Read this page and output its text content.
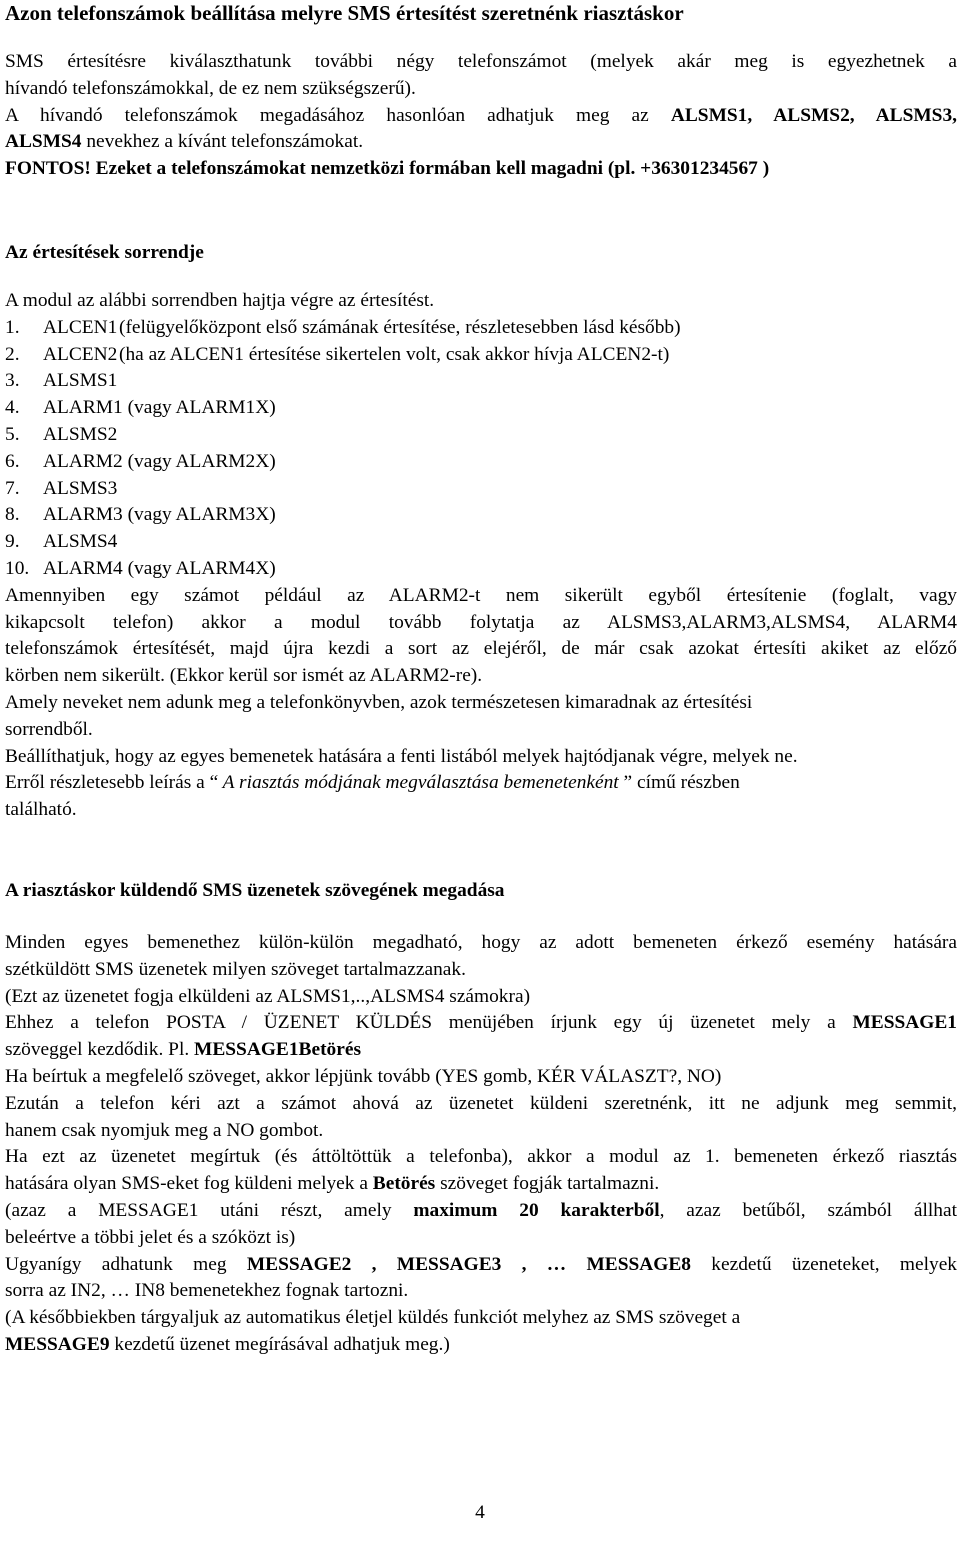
Azon telefonszámok beállítása melyre SMS értesítést szeretnénk riasztáskor

SMS értesítésre kiválaszthatunk további négy telefonszámot (melyek akár meg is egyezhetnek a

hívandó telefonszámokkal, de ez nem szükségszerű).

A hívandó telefonszámok megadásához hasonlóan adhatjuk meg az ALSMS1, ALSMS2, ALSMS3,

ALSMS4 nevekhez a kívánt telefonszámokat.

FONTOS! Ezeket a telefonszámokat nemzetközi formában kell magadni (pl. +36301234567 )

Az értesítések sorrendje

A modul az alábbi sorrendben hajtja végre az értesítést.

1. ALCEN1(felügyelőközpont első számának értesítése, részletesebben lásd később)

2. ALCEN2(ha az ALCEN1 értesítése sikertelen volt, csak akkor hívja ALCEN2-t)

3. ALSMS1

4. ALARM1 (vagy ALARM1X)

5. ALSMS2

6. ALARM2 (vagy ALARM2X)

7. ALSMS3

8. ALARM3 (vagy ALARM3X)

9. ALSMS4

10. ALARM4 (vagy ALARM4X)

Amennyiben egy számot például az ALARM2-t nem sikerült egyből értesítenie (foglalt, vagy

kikapcsolt telefon) akkor a modul tovább folytatja az ALSMS3,ALARM3,ALSMS4, ALARM4

telefonszámok értesítését, majd újra kezdi a sort az elejéről, de már csak azokat értesíti akiket az előző

körben nem sikerült. (Ekkor kerül sor ismét az ALARM2-re).

Amely neveket nem adunk meg a telefonkönyvben, azok természetesen kimaradnak az értesítési

sorrendből.

Beállíthatjuk, hogy az egyes bemenetek hatására a fenti listából melyek hajtódjanak végre, melyek ne.

Erről részletesebb leírás a “ A riasztás módjának megválasztása bemenetenként ” című részben

található.

A riasztáskor küldendő SMS üzenetek szövegének megadása

Minden egyes bemenethez külön-külön megadható, hogy az adott bemeneten érkező esemény hatására

szétküldött SMS üzenetek milyen szöveget tartalmazzanak.

(Ezt az üzenetet fogja elküldeni az ALSMS1,..,ALSMS4 számokra)

Ehhez a telefon POSTA / ÜZENET KÜLDÉS menüjében írjunk egy új üzenetet mely a MESSAGE1

szöveggel kezdődik. Pl. MESSAGE1Betörés

Ha beírtuk a megfelelő szöveget, akkor lépjünk tovább (YES gomb, KÉR VÁLASZT?, NO)

Ezután a telefon kéri azt a számot ahová az üzenetet küldeni szeretnénk, itt ne adjunk meg semmit,

hanem csak nyomjuk meg a NO gombot.

Ha ezt az üzenetet megírtuk (és áttöltöttük a telefonba), akkor a modul az 1. bemeneten érkező riasztás

hatására olyan SMS-eket fog küldeni melyek a Betörés szöveget fogják tartalmazni.

(azaz a MESSAGE1 utáni részt, amely maximum 20 karakterből, azaz betűből, számból állhat

beleértve a többi jelet és a szóközt is)

Ugyanígy adhatunk meg MESSAGE2 , MESSAGE3 , … MESSAGE8 kezdetű üzeneteket, melyek

sorra az IN2, … IN8 bemenetekhez fognak tartozni.

(A későbbiekben tárgyaljuk az automatikus életjel küldés funkciót melyhez az SMS szöveget a

MESSAGE9 kezdetű üzenet megírásával adhatjuk meg.)

4
